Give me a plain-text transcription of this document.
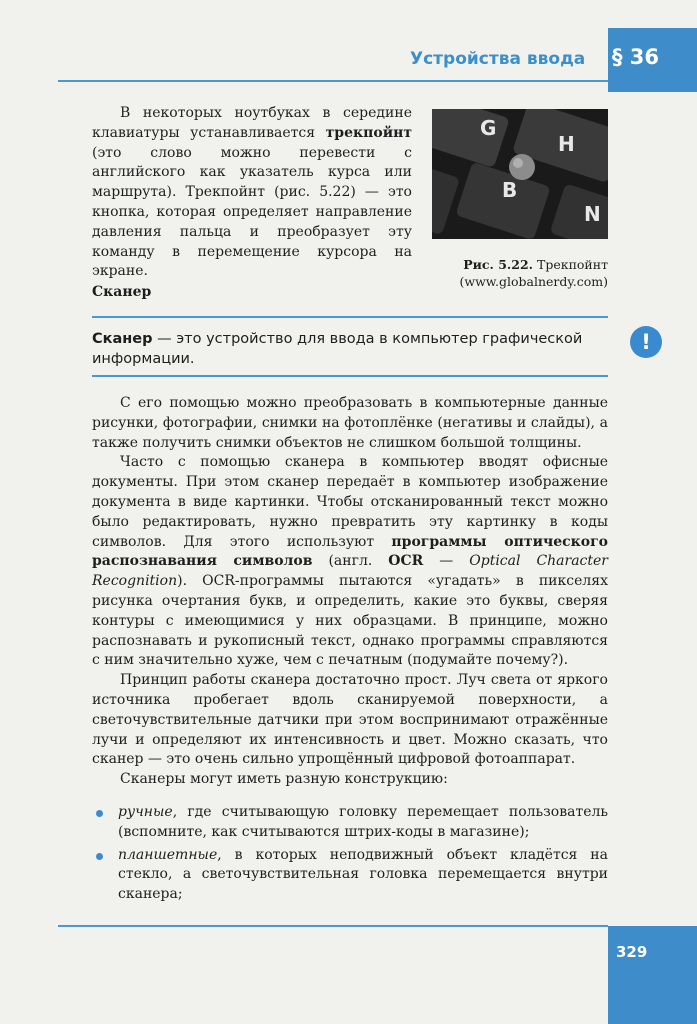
Устройства ввода § 36

В некоторых ноутбуках в середине клавиатуры устанавливается трекпойнт (это слово можно перевести с английского как указатель курса или маршрута). Трекпойнт (рис. 5.22) — это кнопка, которая определяет направление давления пальца и преобразует эту команду в перемещение курсора на экране.

G
H
B
N
Рис. 5.22. Трекпойнт
(www.globalnerdy.com)
Сканер
Сканер — это устройство для ввода в компьютер графической информации.
!

С его помощью можно преобразовать в компьютерные данные рисунки, фотографии, снимки на фотоплёнке (негативы и слайды), а также получить снимки объектов не слишком большой толщины.

Часто с помощью сканера в компьютер вводят офисные документы. При этом сканер передаёт в компьютер изображение документа в виде картинки. Чтобы отсканированный текст можно было редактировать, нужно превратить эту картинку в коды символов. Для этого используют программы оптического распознавания символов (англ. OCR — Optical Character Recognition). OCR-программы пытаются «угадать» в пикселях рисунка очертания букв, и определить, какие это буквы, сверяя контуры с имеющимися у них образцами. В принципе, можно распознавать и рукописный текст, однако программы справляются с ним значительно хуже, чем с печатным (подумайте почему?).

Принцип работы сканера достаточно прост. Луч света от яркого источника пробегает вдоль сканируемой поверхности, а светочувствительные датчики при этом воспринимают отражённые лучи и определяют их интенсивность и цвет. Можно сказать, что сканер — это очень сильно упрощённый цифровой фотоаппарат.

Сканеры могут иметь разную конструкцию:

ручные, где считывающую головку перемещает пользователь (вспомните, как считываются штрих-коды в магазине);
планшетные, в которых неподвижный объект кладётся на стекло, а светочувствительная головка перемещается внутри сканера;
329
